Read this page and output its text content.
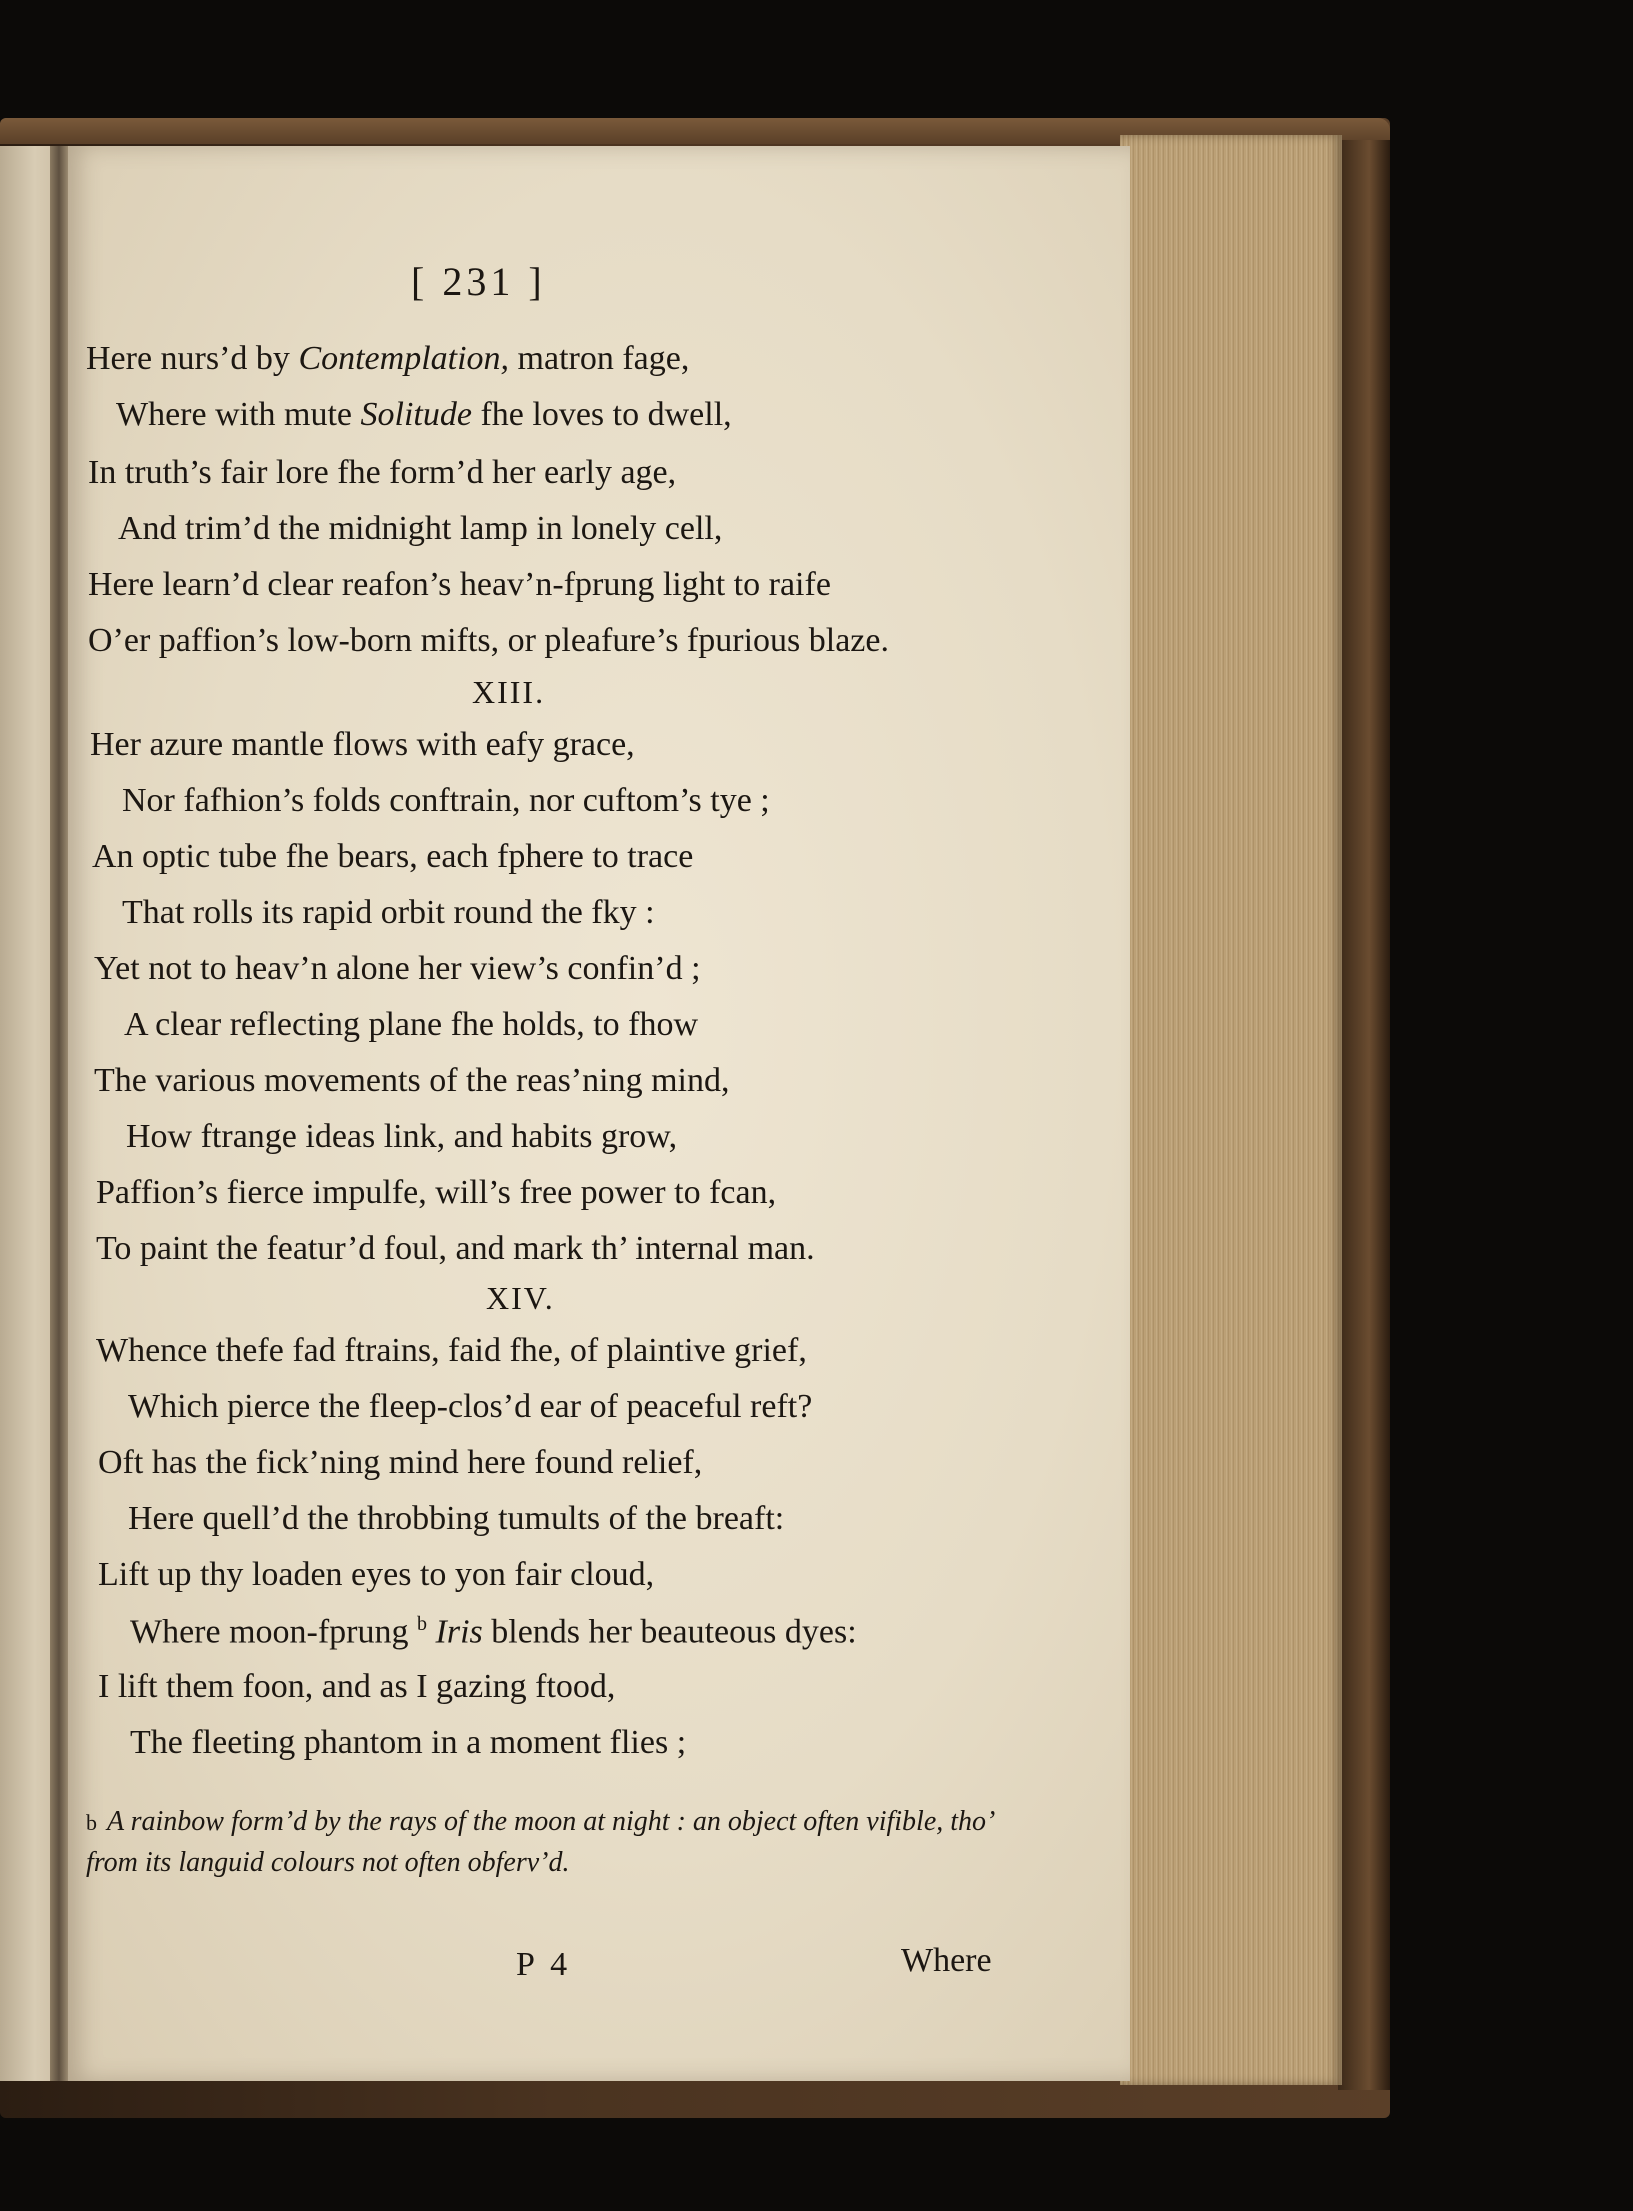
[ 231 ]
Here nurs’d by Contemplation, matron fage,
Where with mute Solitude fhe loves to dwell,
In truth’s fair lore fhe form’d her early age,
And trim’d the midnight lamp in lonely cell,
Here learn’d clear reafon’s heav’n-fprung light to raife
O’er paffion’s low-born mifts, or pleafure’s fpurious blaze.
XIII.
Her azure mantle flows with eafy grace,
Nor fafhion’s folds conftrain, nor cuftom’s tye ;
An optic tube fhe bears, each fphere to trace
That rolls its rapid orbit round the fky :
Yet not to heav’n alone her view’s confin’d ;
A clear reflecting plane fhe holds, to fhow
The various movements of the reas’ning mind,
How ftrange ideas link, and habits grow,
Paffion’s fierce impulfe, will’s free power to fcan,
To paint the featur’d foul, and mark th’ internal man.
XIV.
Whence thefe fad ftrains, faid fhe, of plaintive grief,
Which pierce the fleep-clos’d ear of peaceful reft?
Oft has the fick’ning mind here found relief,
Here quell’d the throbbing tumults of the breaft:
Lift up thy loaden eyes to yon fair cloud,
Where moon-fprung $^b$ Iris blends her beauteous dyes:
I lift them foon, and as I gazing ftood,
The fleeting phantom in a moment flies ;
b A rainbow form’d by the rays of the moon at night : an object often vifible, tho’ from its languid colours not often obferv’d.
P 4	Where
